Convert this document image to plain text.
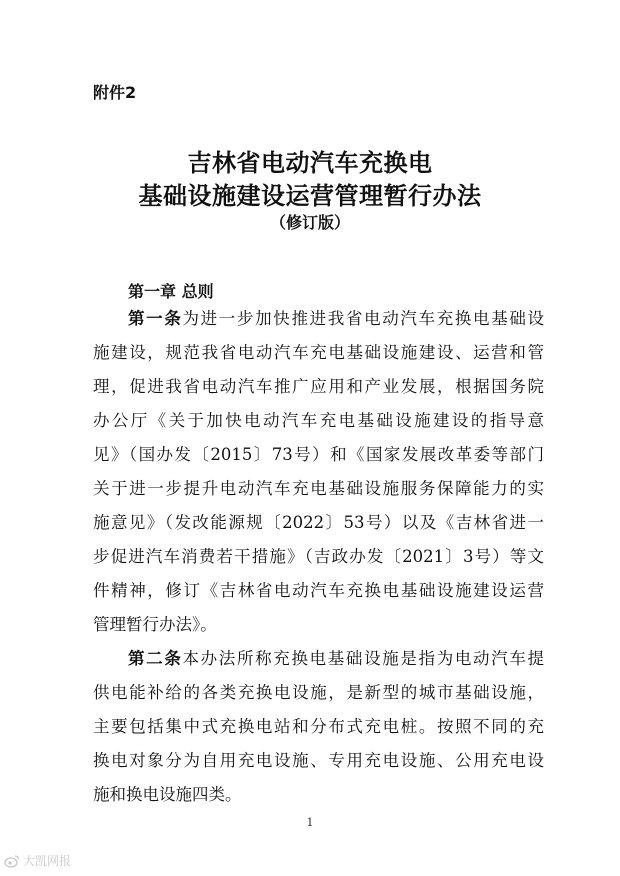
附件2
吉林省电动汽车充换电
基础设施建设运营管理暂行办法
（修订版）
第一章 总则
第一条为进一步加快推进我省电动汽车充换电基础设
施建设，规范我省电动汽车充电基础设施建设、运营和管
理，促进我省电动汽车推广应用和产业发展，根据国务院
办公厅《关于加快电动汽车充电基础设施建设的指导意
见》（国办发〔2015〕73号）和《国家发展改革委等部门
关于进一步提升电动汽车充电基础设施服务保障能力的实
施意见》（发改能源规〔2022〕53号）以及《吉林省进一
步促进汽车消费若干措施》（吉政办发〔2021〕3号）等文
件精神，修订《吉林省电动汽车充换电基础设施建设运营
管理暂行办法》。
第二条本办法所称充换电基础设施是指为电动汽车提
供电能补给的各类充换电设施，是新型的城市基础设施，
主要包括集中式充换电站和分布式充电桩。按照不同的充
换电对象分为自用充电设施、专用充电设施、公用充电设
施和换电设施四类。
1
大凯网报
